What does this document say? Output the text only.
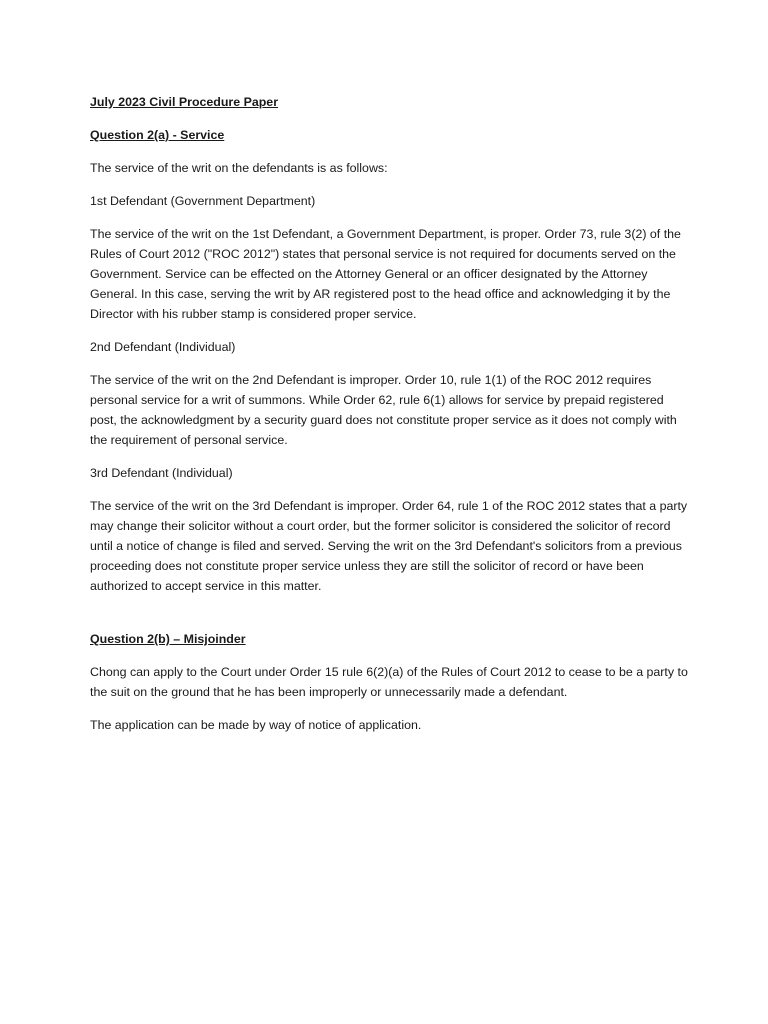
July 2023 Civil Procedure Paper

Question 2(a) - Service

The service of the writ on the defendants is as follows:

1st Defendant (Government Department)

The service of the writ on the 1st Defendant, a Government Department, is proper. Order 73, rule 3(2) of the Rules of Court 2012 ("ROC 2012") states that personal service is not required for documents served on the Government. Service can be effected on the Attorney General or an officer designated by the Attorney General. In this case, serving the writ by AR registered post to the head office and acknowledging it by the Director with his rubber stamp is considered proper service.

2nd Defendant (Individual)

The service of the writ on the 2nd Defendant is improper. Order 10, rule 1(1) of the ROC 2012 requires personal service for a writ of summons. While Order 62, rule 6(1) allows for service by prepaid registered post, the acknowledgment by a security guard does not constitute proper service as it does not comply with the requirement of personal service.

3rd Defendant (Individual)

The service of the writ on the 3rd Defendant is improper. Order 64, rule 1 of the ROC 2012 states that a party may change their solicitor without a court order, but the former solicitor is considered the solicitor of record until a notice of change is filed and served. Serving the writ on the 3rd Defendant's solicitors from a previous proceeding does not constitute proper service unless they are still the solicitor of record or have been authorized to accept service in this matter.

Question 2(b) – Misjoinder

Chong can apply to the Court under Order 15 rule 6(2)(a) of the Rules of Court 2012 to cease to be a party to the suit on the ground that he has been improperly or unnecessarily made a defendant.

The application can be made by way of notice of application.
